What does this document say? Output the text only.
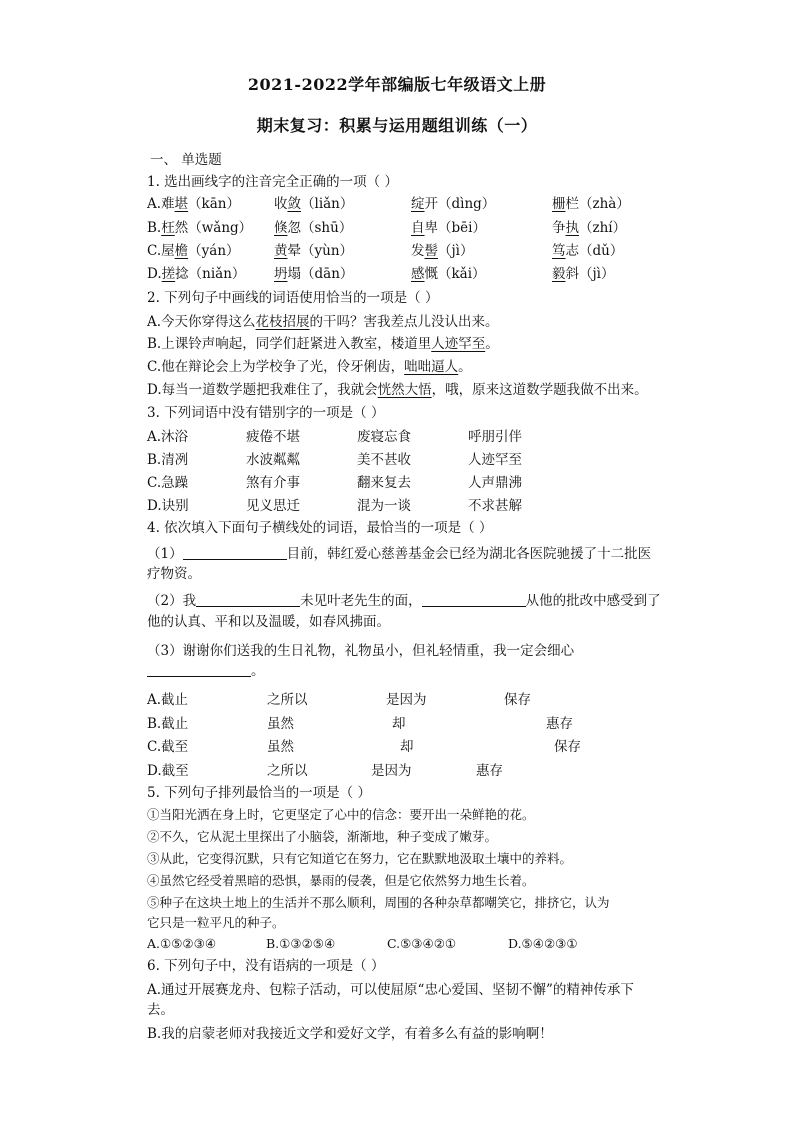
2021-2022学年部编版七年级语文上册
期末复习：积累与运用题组训练（一）
一、 单选题
1. 选出画线字的注音完全正确的一项（ ）
A.难堪（kān）	收敛（liǎn）	绽开（dìng）	栅栏（zhà）
B.枉然（wǎng） 倏忽（shū）	自卑（bēi）	争执（zhí）
C.屋檐（yán）	黄晕（yùn）	发髻（jì）	笃志（dǔ）
D.搓捻（niǎn） 坍塌（dān）	感慨（kǎi）	毅斜（jì）
2. 下列句子中画线的词语使用恰当的一项是（ ）
A.今天你穿得这么花枝招展的干吗？害我差点儿没认出来。
B.上课铃声响起，同学们赶紧进入教室，楼道里人迹罕至。
C.他在辩论会上为学校争了光，伶牙俐齿，咄咄逼人。
D.每当一道数学题把我难住了，我就会恍然大悟，哦，原来这道数学题我做不出来。
3. 下列词语中没有错别字的一项是（ ）
A.沐浴	疲倦不堪	废寝忘食	呼朋引伴
B.清冽	水波粼粼	美不甚收	人迹罕至
C.急躁	煞有介事	翻来复去	人声鼎沸
D.诀别	见义思迁	混为一谈	不求甚解
4. 依次填入下面句子横线处的词语，最恰当的一项是（ ）
（1）	目前，韩红爱心慈善基金会已经为湖北各医院驰援了十二批医
疗物资。
（2）我	未见叶老先生的面，	从他的批改中感受到了
他的认真、平和以及温暖，如春风拂面。
（3）谢谢你们送我的生日礼物，礼物虽小，但礼轻情重，我一定会细心
。
A.截止	之所以	是因为	保存
B.截止	虽然	却	惠存
C.截至	虽然	却	保存
D.截至	之所以	是因为	惠存
5. 下列句子排列最恰当的一项是（ ）
①当阳光洒在身上时，它更坚定了心中的信念：要开出一朵鲜艳的花。
②不久，它从泥土里探出了小脑袋，渐渐地，种子变成了嫩芽。
③从此，它变得沉默，只有它知道它在努力，它在默默地汲取土壤中的养料。
④虽然它经受着黑暗的恐惧，暴雨的侵袭，但是它依然努力地生长着。
⑤种子在这块土地上的生活并不那么顺利，周围的各种杂草都嘲笑它，排挤它，认为
它只是一粒平凡的种子。
A.①⑤②③④	B.①③②⑤④	C.⑤③④②①	D.⑤④②③①
6. 下列句子中，没有语病的一项是（ ）
A.通过开展赛龙舟、包粽子活动，可以使屈原“忠心爱国、坚韧不懈”的精神传承下
去。
B.我的启蒙老师对我接近文学和爱好文学，有着多么有益的影响啊！
